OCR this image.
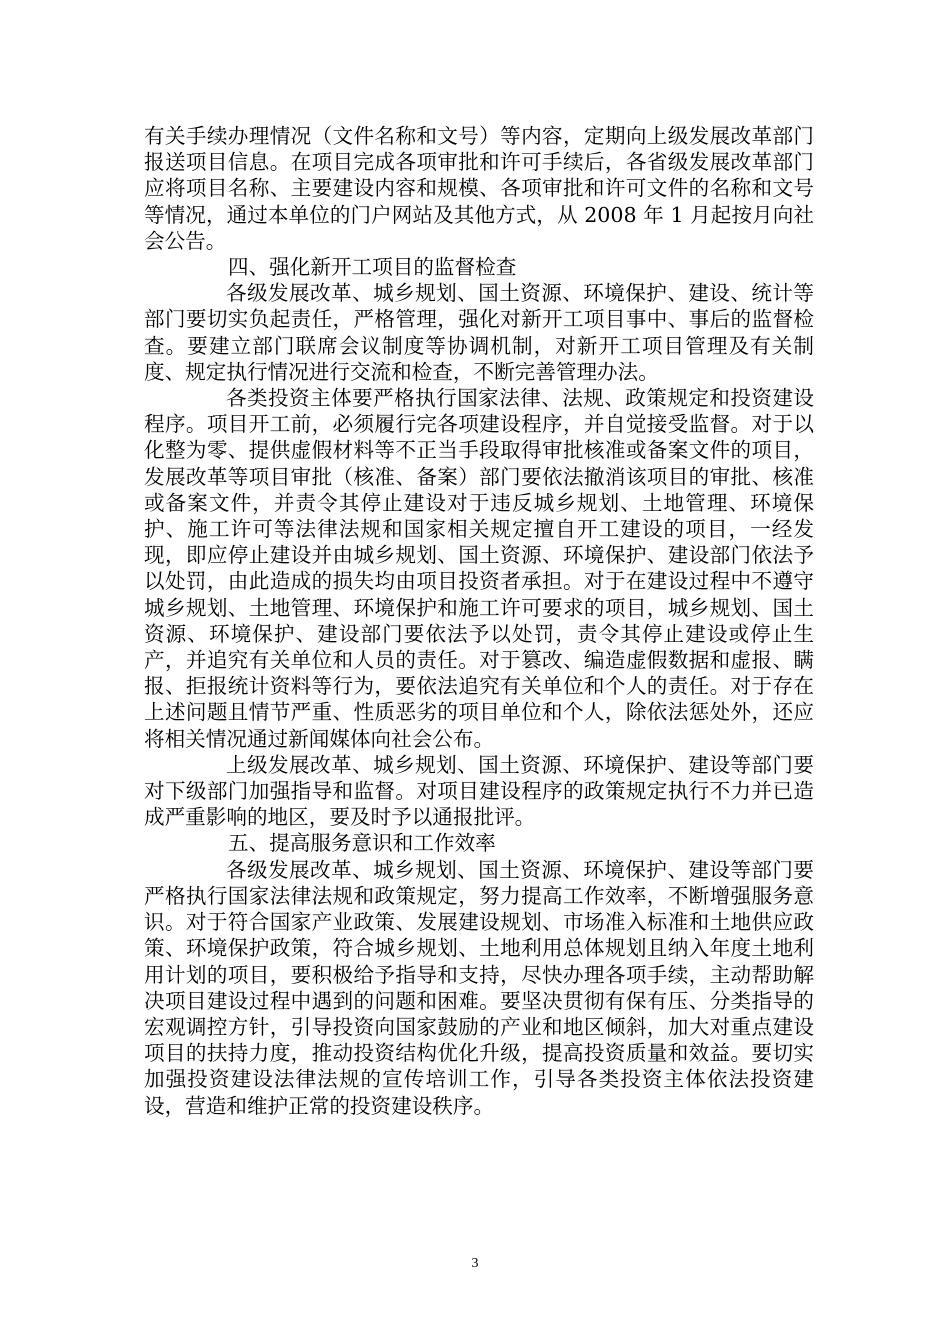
有关手续办理情况（文件名称和文号）等内容，定期向上级发展改革部门报送项目信息。在项目完成各项审批和许可手续后，各省级发展改革部门应将项目名称、主要建设内容和规模、各项审批和许可文件的名称和文号等情况，通过本单位的门户网站及其他方式，从 2008 年 1 月起按月向社会公告。

四、强化新开工项目的监督检查

各级发展改革、城乡规划、国土资源、环境保护、建设、统计等部门要切实负起责任，严格管理，强化对新开工项目事中、事后的监督检查。要建立部门联席会议制度等协调机制，对新开工项目管理及有关制度、规定执行情况进行交流和检查，不断完善管理办法。

各类投资主体要严格执行国家法律、法规、政策规定和投资建设程序。项目开工前，必须履行完各项建设程序，并自觉接受监督。对于以化整为零、提供虚假材料等不正当手段取得审批核准或备案文件的项目，发展改革等项目审批（核准、备案）部门要依法撤消该项目的审批、核准或备案文件，并责令其停止建设对于违反城乡规划、土地管理、环境保护、施工许可等法律法规和国家相关规定擅自开工建设的项目，一经发现，即应停止建设并由城乡规划、国土资源、环境保护、建设部门依法予以处罚，由此造成的损失均由项目投资者承担。对于在建设过程中不遵守城乡规划、土地管理、环境保护和施工许可要求的项目，城乡规划、国土资源、环境保护、建设部门要依法予以处罚，责令其停止建设或停止生产，并追究有关单位和人员的责任。对于篡改、编造虚假数据和虚报、瞒报、拒报统计资料等行为，要依法追究有关单位和个人的责任。对于存在上述问题且情节严重、性质恶劣的项目单位和个人，除依法惩处外，还应将相关情况通过新闻媒体向社会公布。

上级发展改革、城乡规划、国土资源、环境保护、建设等部门要对下级部门加强指导和监督。对项目建设程序的政策规定执行不力并已造成严重影响的地区，要及时予以通报批评。

五、提高服务意识和工作效率

各级发展改革、城乡规划、国土资源、环境保护、建设等部门要严格执行国家法律法规和政策规定，努力提高工作效率，不断增强服务意识。对于符合国家产业政策、发展建设规划、市场准入标准和土地供应政策、环境保护政策，符合城乡规划、土地利用总体规划且纳入年度土地利用计划的项目，要积极给予指导和支持，尽快办理各项手续，主动帮助解决项目建设过程中遇到的问题和困难。要坚决贯彻有保有压、分类指导的宏观调控方针，引导投资向国家鼓励的产业和地区倾斜，加大对重点建设项目的扶持力度，推动投资结构优化升级，提高投资质量和效益。要切实加强投资建设法律法规的宣传培训工作，引导各类投资主体依法投资建设，营造和维护正常的投资建设秩序。

3
